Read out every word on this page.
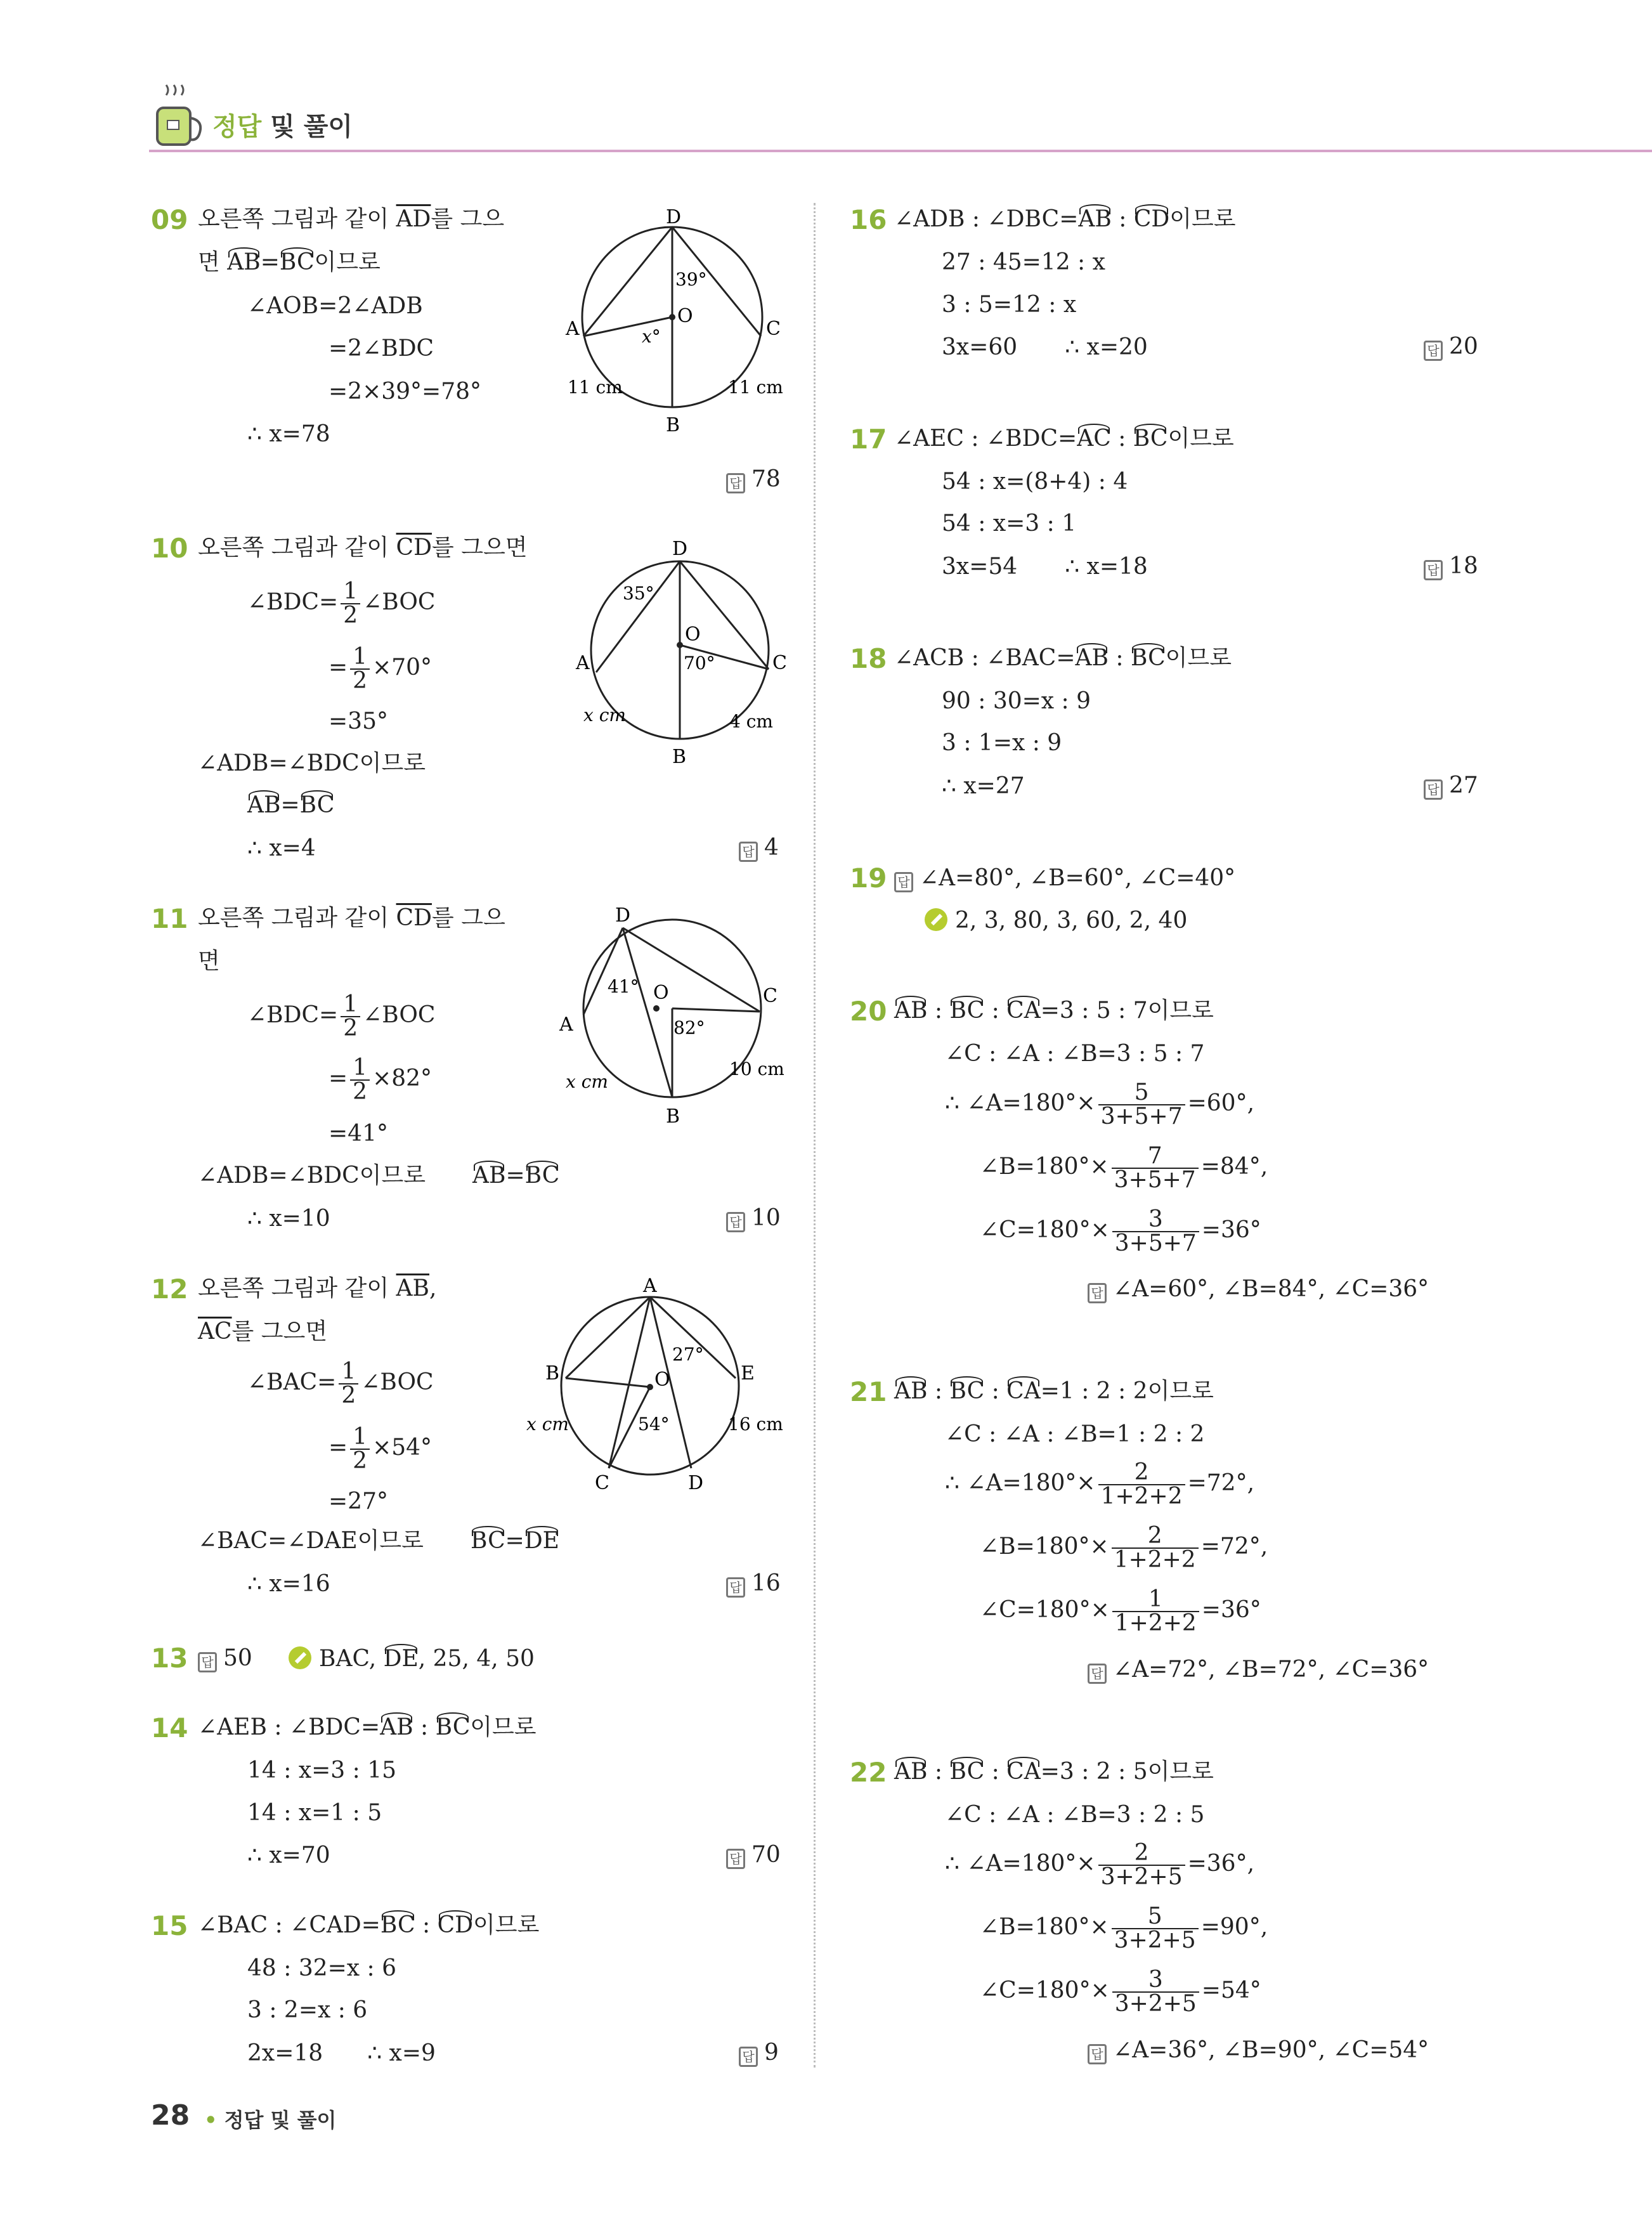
정답 및 풀이
09 오른쪽 그림과 같이 $\overline{AD}$를 그으
면 AB=BC이므로
∠AOB=2∠ADB
=2∠BDC
=2×39°=78°
∴ x=78
답 78
D
A	C
B
O
39°
x°
11 cm	11 cm
10 오른쪽 그림과 같이 $\overline{CD}$를 그으면
∠BDC= $\frac{1}{2}$ ∠BOC
= $\frac{1}{2} \times 70^\circ$
=35°
∠ADB=∠BDC이므로
AB=BC
∴ x=4	답 4
D
A	C
B
O
35°
70°
x cm	4 cm
11 오른쪽 그림과 같이 $\overline{CD}$를 그으
면
∠BDC= $\frac{1}{2}$ ∠BOC
= $\frac{1}{2} \times 82^\circ$
=41°
∠ADB=∠BDC이므로 AB=BC
∴ x=10	답 10
D
A
C
B
O
41°
82°
x cm
10 cm
12 오른쪽 그림과 같이 $\overline{AB}$,
$\overline{AC}$를 그으면
∠BAC= $\frac{1}{2}$ ∠BOC
= $\frac{1}{2} \times 54^\circ$
=27°
∠BAC=∠DAE이므로 BC=DE
∴ x=16	답 16
A
B	E
C	D
O
27°
54°
x cm	16 cm
13 답 50	BAC, DE, 25, 4, 50
14 ∠AEB : ∠BDC=AB : BC이므로
14 : x=3 : 15
14 : x=1 : 5
∴ x=70	답 70
15 ∠BAC : ∠CAD=BC : CD이므로
48 : 32=x : 6
3 : 2=x : 6
2x=18 ∴ x=9	답 9
16 ∠ADB : ∠DBC=AB : CD이므로
27 : 45=12 : x
3 : 5=12 : x
3x=60 ∴ x=20	답 20
17 ∠AEC : ∠BDC=AC : BC이므로
54 : x=(8+4) : 4
54 : x=3 : 1
3x=54 ∴ x=18	답 18
18 ∠ACB : ∠BAC=AB : BC이므로
90 : 30=x : 9
3 : 1=x : 9
∴ x=27	답 27
19 답 ∠A=80°, ∠B=60°, ∠C=40°
2, 3, 80, 3, 60, 2, 40
20 AB : BC : CA=3 : 5 : 7이므로
∠C : ∠A : ∠B=3 : 5 : 7
∴ ∠A=180°× $\frac{5}{3+5+7} =60^\circ$,
∠B=180°× $\frac{7}{3+5+7} =84^\circ$,
∠C=180°× $\frac{3}{3+5+7} =36^\circ$
답 ∠A=60°, ∠B=84°, ∠C=36°
21 AB : BC : CA=1 : 2 : 2이므로
∠C : ∠A : ∠B=1 : 2 : 2
∴ ∠A=180°× $\frac{2}{1+2+2} =72^\circ$,
∠B=180°× $\frac{2}{1+2+2} =72^\circ$,
∠C=180°× $\frac{1}{1+2+2} =36^\circ$
답 ∠A=72°, ∠B=72°, ∠C=36°
22 AB : BC : CA=3 : 2 : 5이므로
∠C : ∠A : ∠B=3 : 2 : 5
∴ ∠A=180°× $\frac{2}{3+2+5} =36^\circ$,
∠B=180°× $\frac{5}{3+2+5} =90^\circ$,
∠C=180°× $\frac{3}{3+2+5} =54^\circ$
답 ∠A=36°, ∠B=90°, ∠C=54°
28 • 정답 및 풀이
